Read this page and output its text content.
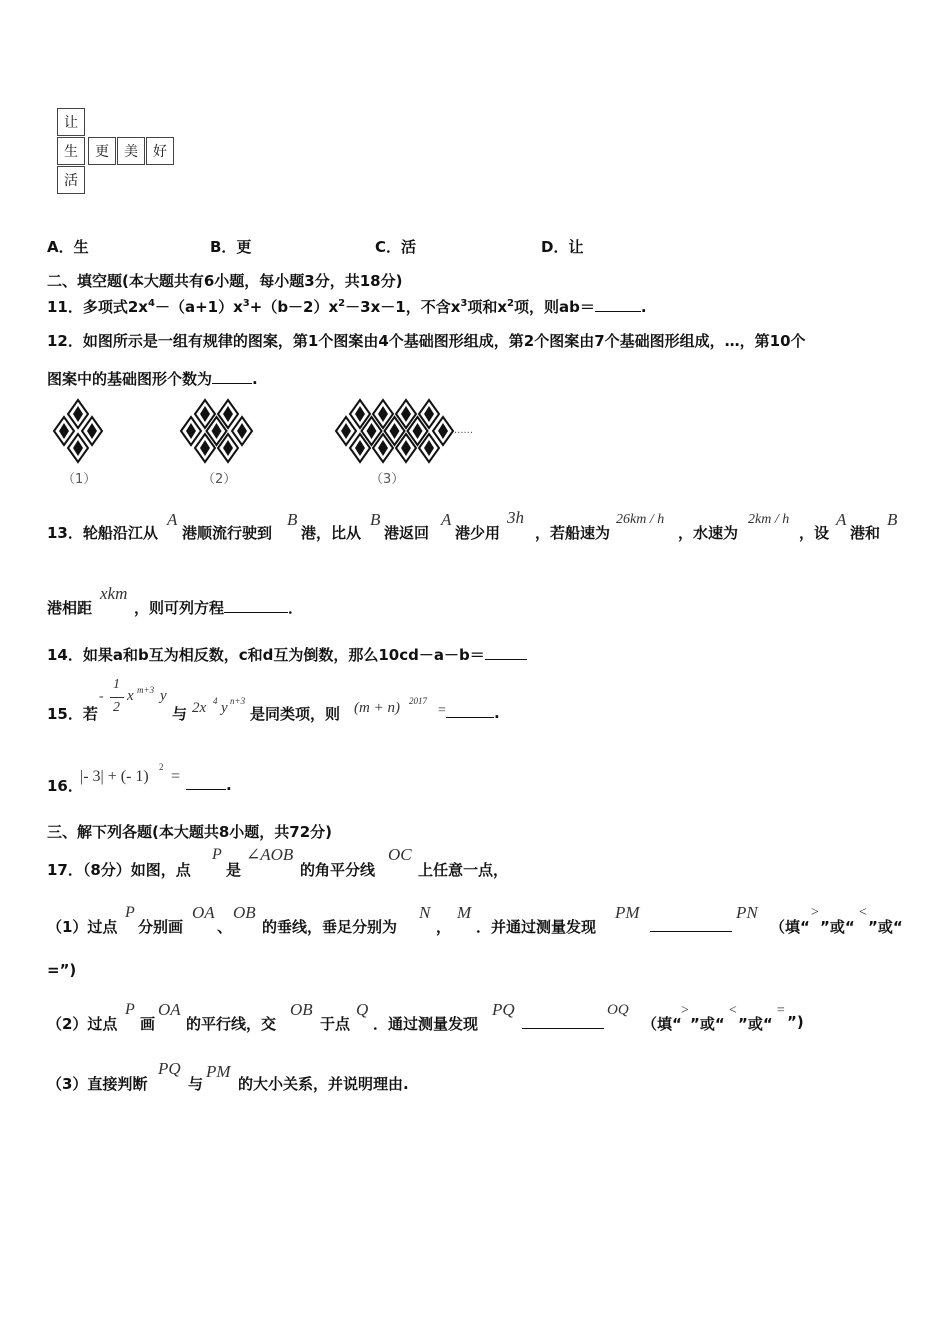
让
生	更	美	好
活
A．生	B．更	C．活	D．让
二、填空题(本大题共有6小题，每小题3分，共18分)
11．多项式$2x^4-(a+1)x^3+(b-2)x^2-3x-1$，不含$x^3$项和$x^2$项，则ab＝	.
12．如图所示是一组有规律的图案，第1个图案由4个基础图形组成，第2个图案由7个基础图形组成，…，第10个
图案中的基础图形个数为	.
（1）	（2）	（3）
······
13．轮船沿江从
A
港顺流行驶到
B
港，比从
B
港返回
A
港少用
3h
，若船速为
26km / h
，水速为
2km / h
，设
A
港和
B
港相距
xkm
，则可列方程	．
14．如果a和b互为相反数，c和d互为倒数，那么10cd－a－b＝
15．若
-
1
2
x m+3 y
与 2x 4 y n+3
是同类项，则 (m + n) 2017
=	.
16．
|- 3| + (- 1)
2
=	.
三、解下列各题(本大题共8小题，共72分)
17．（8分）如图，点
P
是
∠AOB
的角平分线
OC
上任意一点，
（1）过点
P
分别画
OA
、
OB
的垂线，垂足分别为
N
，
M
．并通过测量发现
PM	PN
（填“
>
”或“
<
”或“
=”)
（2）过点
P
画
OA
的平行线，交
OB
于点
Q
．通过测量发现
PQ	OQ
（填“
>
”或“
<
”或“
=
”)
（3）直接判断
PQ
与
PM
的大小关系，并说明理由.
